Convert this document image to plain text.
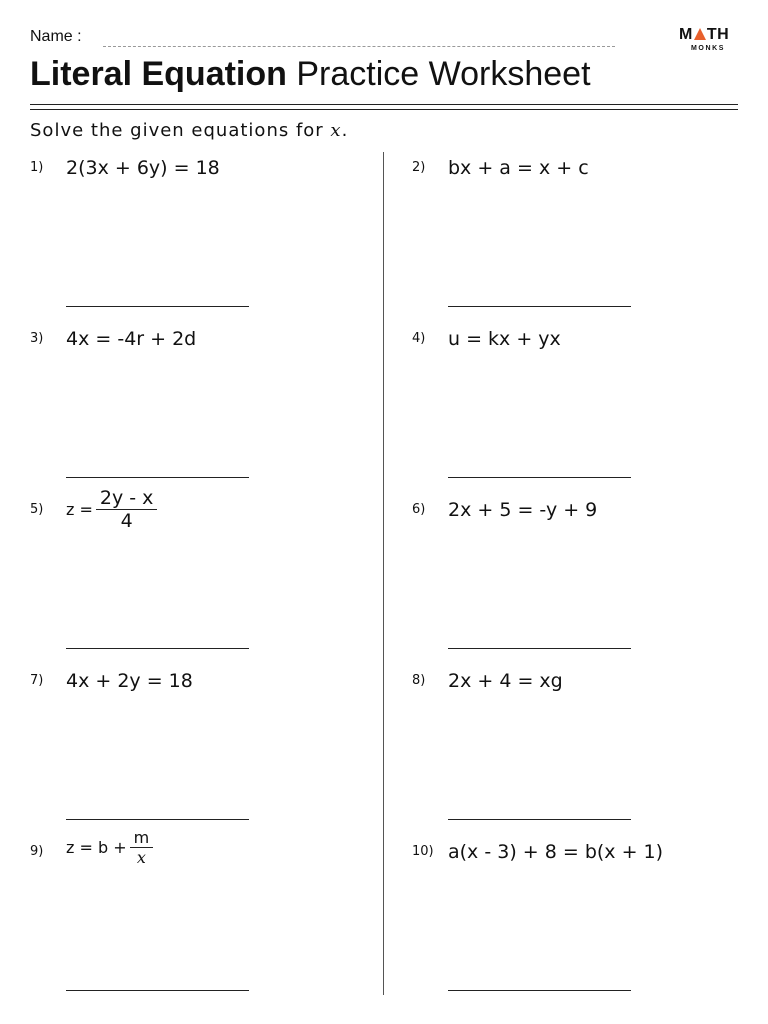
Name :	M TH
MONKS
Literal Equation Practice Worksheet
Solve the given equations for x.
1) 2(3x + 6y) = 18	2) bx + a = x + c
3) 4x = -4r + 2d	4) u = kx + yx
5) $z = \frac{2y - x}{4}$	6) 2x + 5 = -y + 9
7) 4x + 2y = 18	8) 2x + 4 = xg
9) $z = b + \frac{m}{x}$	10) a(x - 3) + 8 = b(x + 1)
